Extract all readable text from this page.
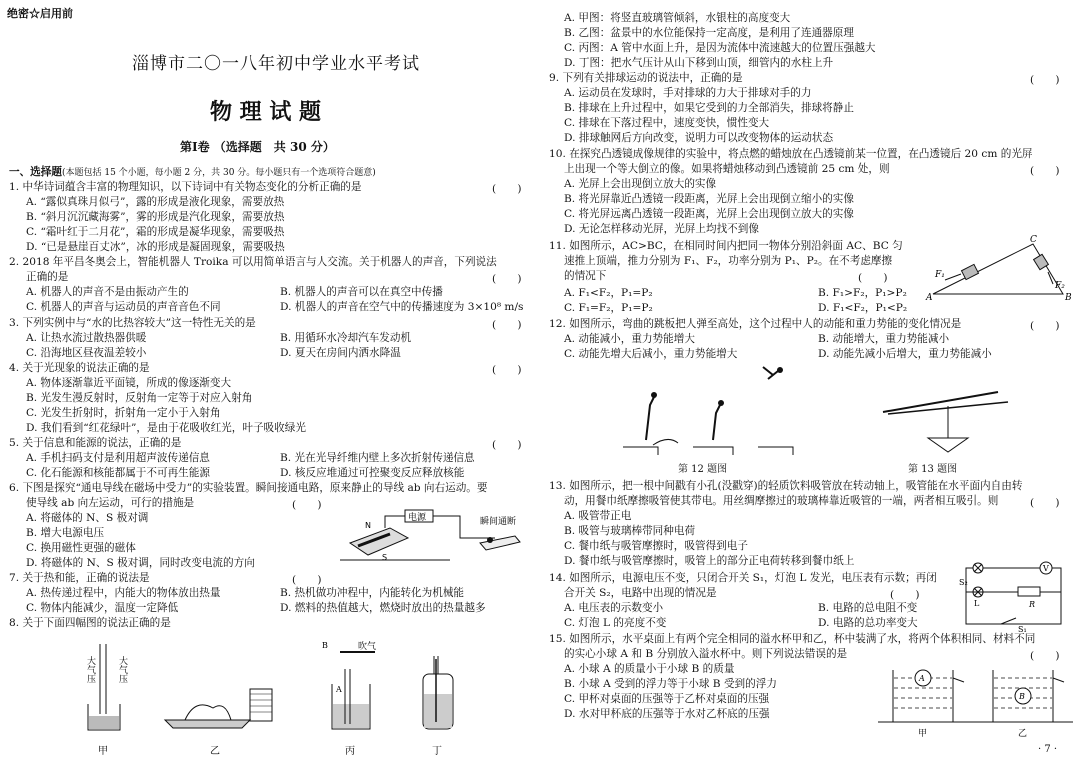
绝密☆启用前
淄博市二〇一八年初中学业水平考试
物 理 试 题
第Ⅰ卷 （选择题　共 30 分）
一、选择题(本题包括 15 个小题，每小题 2 分，共 30 分。每小题只有一个选项符合题意)
1. 中华诗词蕴含丰富的物理知识，以下诗词中有关物态变化的分析正确的是	(　　)
A. “露似真珠月似弓”，露的形成是液化现象，需要放热
B. “斜月沉沉藏海雾”，雾的形成是汽化现象，需要放热
C. “霜叶红于二月花”，霜的形成是凝华现象，需要吸热
D. “已是悬崖百丈冰”，冰的形成是凝固现象，需要吸热
2. 2018 年平昌冬奥会上，智能机器人 Troika 可以用简单语言与人交流。关于机器人的声音，下列说法
正确的是	(　　)
A. 机器人的声音不是由振动产生的	B. 机器人的声音可以在真空中传播
C. 机器人的声音与运动员的声音音色不同	D. 机器人的声音在空气中的传播速度为 3×10⁸ m/s
3. 下列实例中与“水的比热容较大”这一特性无关的是	(　　)
A. 让热水流过散热器供暖	B. 用循环水冷却汽车发动机
C. 沿海地区昼夜温差较小	D. 夏天在房间内洒水降温
4. 关于光现象的说法正确的是	(　　)
A. 物体逐渐靠近平面镜，所成的像逐渐变大
B. 光发生漫反射时，反射角一定等于对应入射角
C. 光发生折射时，折射角一定小于入射角
D. 我们看到“红花绿叶”，是由于花吸收红光，叶子吸收绿光
5. 关于信息和能源的说法，正确的是	(　　)
A. 手机扫码支付是利用超声波传递信息	B. 光在光导纤维内壁上多次折射传递信息
C. 化石能源和核能都属于不可再生能源	D. 核反应堆通过可控聚变反应释放核能
6. 下图是探究“通电导线在磁场中受力”的实验装置。瞬间接通电路，原来静止的导线 ab 向右运动。要
使导线 ab 向左运动，可行的措施是	(　　)
A. 将磁体的 N、S 极对调
B. 增大电源电压
C. 换用磁性更强的磁体
D. 将磁体的 N、S 极对调，同时改变电流的方向
电源
N
S
瞬间通断
7. 关于热和能，正确的说法是	(　　)
A. 热传递过程中，内能大的物体放出热量	B. 热机做功冲程中，内能转化为机械能
C. 物体内能减少，温度一定降低	D. 燃料的热值越大，燃烧时放出的热量越多
8. 关于下面四幅图的说法正确的是
大气压 大气压
甲	乙
吹气
B
A
丙	丁
A. 甲图：将竖直玻璃管倾斜，水银柱的高度变大
B. 乙图：盆景中的水位能保持一定高度，是利用了连通器原理
C. 丙图：A 管中水面上升，是因为流体中流速越大的位置压强越大
D. 丁图：把水气压计从山下移到山顶，细管内的水柱上升
9. 下列有关排球运动的说法中，正确的是	(　　)
A. 运动员在发球时，手对排球的力大于排球对手的力
B. 排球在上升过程中，如果它受到的力全部消失，排球将静止
C. 排球在下落过程中，速度变快，惯性变大
D. 排球触网后方向改变，说明力可以改变物体的运动状态
10. 在探究凸透镜成像规律的实验中，将点燃的蜡烛放在凸透镜前某一位置，在凸透镜后 20 cm 的光屏
上出现一个等大倒立的像。如果将蜡烛移动到凸透镜前 25 cm 处，则	(　　)
A. 光屏上会出现倒立放大的实像
B. 将光屏靠近凸透镜一段距离，光屏上会出现倒立缩小的实像
C. 将光屏远离凸透镜一段距离，光屏上会出现倒立放大的实像
D. 无论怎样移动光屏，光屏上均找不到像
11. 如图所示，AC>BC，在相同时间内把同一物体分别沿斜面 AC、BC 匀
速推上顶端，推力分别为 F₁、F₂，功率分别为 P₁、P₂。在不考虑摩擦
的情况下	(　　)
A. F₁<F₂，P₁=P₂	B. F₁>F₂，P₁>P₂
C. F₁=F₂，P₁=P₂	D. F₁<F₂，P₁<P₂
A	B
C
F₁
F₂
12. 如图所示，弯曲的跳板把人弹至高处，这个过程中人的动能和重力势能的变化情况是	(　　)
A. 动能减小，重力势能增大	B. 动能增大，重力势能减小
C. 动能先增大后减小，重力势能增大	D. 动能先减小后增大，重力势能减小
第 12 题图	第 13 题图
13. 如图所示，把一根中间戳有小孔(没戳穿)的轻质饮料吸管放在转动轴上，吸管能在水平面内自由转
动，用餐巾纸摩擦吸管使其带电。用丝绸摩擦过的玻璃棒靠近吸管的一端，两者相互吸引。则	(　　)
A. 吸管带正电
B. 吸管与玻璃棒带同种电荷
C. 餐巾纸与吸管摩擦时，吸管得到电子
D. 餐巾纸与吸管摩擦时，吸管上的部分正电荷转移到餐巾纸上
14. 如图所示，电源电压不变，只闭合开关 S₁，灯泡 L 发光，电压表有示数；再闭
合开关 S₂，电路中出现的情况是	(　　)
A. 电压表的示数变小	B. 电路的总电阻不变
C. 灯泡 L 的亮度不变	D. 电路的总功率变大
V
S₂
L	R
S₁
15. 如图所示，水平桌面上有两个完全相同的溢水杯甲和乙，杯中装满了水，将两个体积相同、材料不同
的实心小球 A 和 B 分别放入溢水杯中。则下列说法错误的是	(　　)
A. 小球 A 的质量小于小球 B 的质量
B. 小球 A 受到的浮力等于小球 B 受到的浮力
C. 甲杯对桌面的压强等于乙杯对桌面的压强
D. 水对甲杯底的压强等于水对乙杯底的压强
A
B
甲	乙
· 7 ·
